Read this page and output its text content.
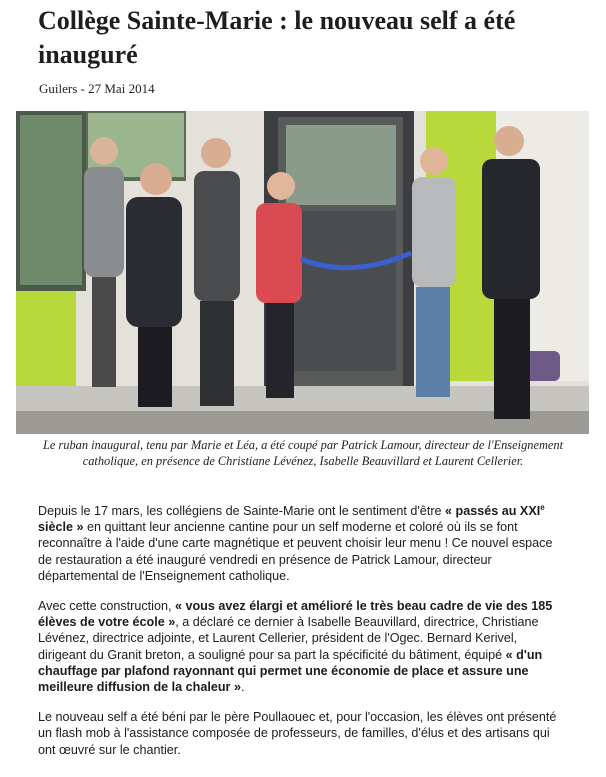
Collège Sainte-Marie : le nouveau self a été inauguré
Guilers - 27 Mai 2014
Le ruban inaugural, tenu par Marie et Léa, a été coupé par Patrick Lamour, directeur de l'Enseignement catholique, en présence de Christiane Lévénez, Isabelle Beauvillard et Laurent Cellerier.

Depuis le 17 mars, les collégiens de Sainte-Marie ont le sentiment d'être « passés au XXIe siècle » en quittant leur ancienne cantine pour un self moderne et coloré où ils se font reconnaître à l'aide d'une carte magnétique et peuvent choisir leur menu ! Ce nouvel espace de restauration a été inauguré vendredi en présence de Patrick Lamour, directeur départemental de l'Enseignement catholique.

Avec cette construction, « vous avez élargi et amélioré le très beau cadre de vie des 185 élèves de votre école », a déclaré ce dernier à Isabelle Beauvillard, directrice, Christiane Lévénez, directrice adjointe, et Laurent Cellerier, président de l'Ogec. Bernard Kerivel, dirigeant du Granit breton, a souligné pour sa part la spécificité du bâtiment, équipé « d'un chauffage par plafond rayonnant qui permet une économie de place et assure une meilleure diffusion de la chaleur ».

Le nouveau self a été béni par le père Poullaouec et, pour l'occasion, les élèves ont présenté un flash mob à l'assistance composée de professeurs, de familles, d'élus et des artisans qui ont œuvré sur le chantier.
